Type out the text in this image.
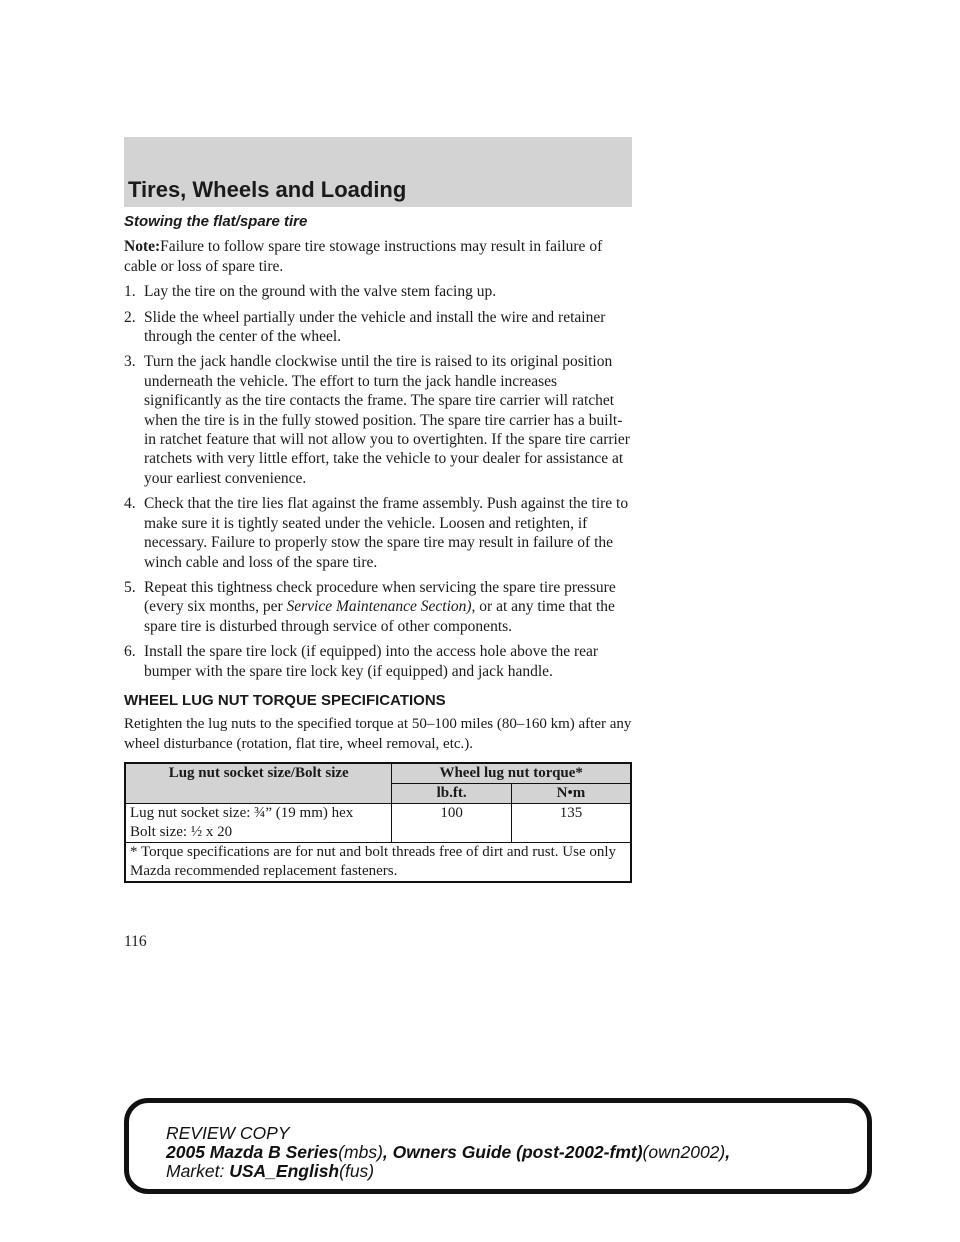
Tires, Wheels and Loading
Stowing the flat/spare tire

Note:Failure to follow spare tire stowage instructions may result in failure of cable or loss of spare tire.

1. Lay the tire on the ground with the valve stem facing up.
2. Slide the wheel partially under the vehicle and install the wire and retainer through the center of the wheel.
3. Turn the jack handle clockwise until the tire is raised to its original position underneath the vehicle. The effort to turn the jack handle increases significantly as the tire contacts the frame. The spare tire carrier will ratchet when the tire is in the fully stowed position. The spare tire carrier has a built-in ratchet feature that will not allow you to overtighten. If the spare tire carrier ratchets with very little effort, take the vehicle to your dealer for assistance at your earliest convenience.
4. Check that the tire lies flat against the frame assembly. Push against the tire to make sure it is tightly seated under the vehicle. Loosen and retighten, if necessary. Failure to properly stow the spare tire may result in failure of the winch cable and loss of the spare tire.
5. Repeat this tightness check procedure when servicing the spare tire pressure (every six months, per Service Maintenance Section), or at any time that the spare tire is disturbed through service of other components.
6. Install the spare tire lock (if equipped) into the access hole above the rear bumper with the spare tire lock key (if equipped) and jack handle.
WHEEL LUG NUT TORQUE SPECIFICATIONS

Retighten the lug nuts to the specified torque at 50–100 miles (80–160 km) after any wheel disturbance (rotation, flat tire, wheel removal, etc.).

Lug nut socket size/Bolt size	Wheel lug nut torque*	
	lb.ft.	N•m

Lug nut socket size: ¾” (19 mm) hex
Bolt size: ½ x 20	100	135
* Torque specifications are for nut and bolt threads free of dirt and rust. Use only Mazda recommended replacement fasteners.		
116
REVIEW COPY
2005 Mazda B Series(mbs), Owners Guide (post-2002-fmt)(own2002),
Market: USA_English(fus)
